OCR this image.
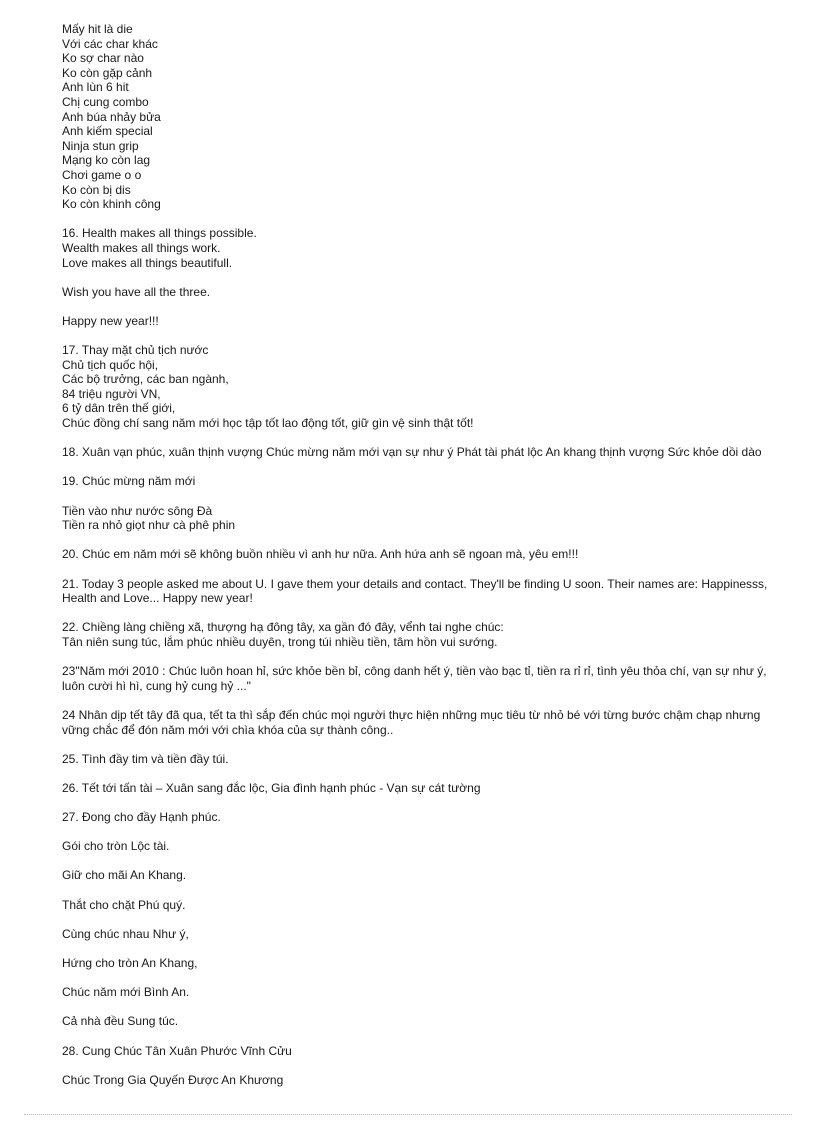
Mấy hit là die
Với các char khác
Ko sợ char nào
Ko còn gặp cảnh
Anh lùn 6 hit
Chị cung combo
Anh búa nhảy bửa
Anh kiếm special
Ninja stun grip
Mạng ko còn lag
Chơi game o o
Ko còn bị dis
Ko còn khinh công
16. Health makes all things possible.
Wealth makes all things work.
Love makes all things beautifull.
Wish you have all the three.
Happy new year!!!
17. Thay mặt chủ tịch nước
Chủ tịch quốc hội,
Các bộ trưởng, các ban ngành,
84 triệu người VN,
6 tỷ dân trên thế giới,
Chúc đồng chí sang năm mới học tập tốt lao động tốt, giữ gìn vệ sinh thật tốt!
18. Xuân vạn phúc, xuân thịnh vượng Chúc mừng năm mới vạn sự như ý Phát tài phát lộc An khang thịnh vượng Sức khỏe dồi dào
19. Chúc mừng năm mới
Tiền vào như nước sông Đà
Tiền ra nhỏ giọt như cà phê phin
20. Chúc em năm mới sẽ không buồn nhiều vì anh hư nữa. Anh hứa anh sẽ ngoan mà, yêu em!!!
21. Today 3 people asked me about U. I gave them your details and contact. They'll be finding U soon. Their names are: Happinesss,
Health and Love... Happy new year!
22. Chiềng làng chiềng xã, thượng hạ đông tây, xa gần đó đây, vểnh tai nghe chúc:
Tân niên sung túc, lắm phúc nhiều duyên, trong túi nhiều tiền, tâm hồn vui sướng.
23"Năm mới 2010 : Chúc luôn hoan hỉ, sức khỏe bền bỉ, công danh hết ý, tiền vào bạc tỉ, tiền ra rỉ rỉ, tình yêu thỏa chí, vạn sự như ý,
luôn cười hì hì, cung hỷ cung hỷ ..."
24 Nhân dịp tết tây đã qua, tết ta thì sắp đến chúc mọi người thực hiện những mục tiêu từ nhỏ bé với từng bước chậm chạp nhưng
vững chắc để đón năm mới với chìa khóa của sự thành công..
25. Tình đầy tim và tiền đầy túi.
26. Tết tới tấn tài – Xuân sang đắc lộc, Gia đình hạnh phúc - Vạn sự cát tường
27. Đong cho đầy Hạnh phúc.
Gói cho tròn Lộc tài.
Giữ cho mãi An Khang.
Thắt cho chặt Phú quý.
Cùng chúc nhau Như ý,
Hứng cho tròn An Khang,
Chúc năm mới Bình An.
Cả nhà đều Sung túc.
28. Cung Chúc Tân Xuân Phước Vĩnh Cửu
Chúc Trong Gia Quyến Được An Khương
